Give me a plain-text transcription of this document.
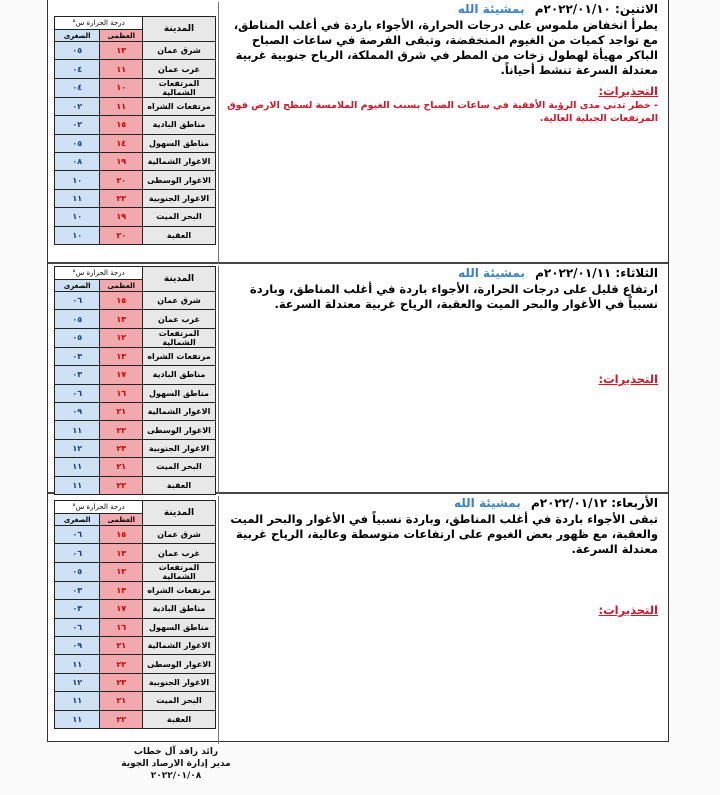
المدينة	درجة الحرارة س°	
	العظمى	الصغرى
شرق عمان	١٣	٠٥
غرب عمان	١١	٠٤
المرتفعات الشمالية	١٠	٠٤
مرتفعات الشراه	١١	٠٢
مناطق البادية	١٥	٠٢
مناطق السهول	١٤	٠٥
الاغوار الشمالية	١٩	٠٨
الاغوار الوسطى	٢٠	١٠
الاغوار الجنوبية	٢٢	١١
البحر الميت	١٩	١٠
العقبة	٢٠	١٠
الاثنين: ٢٠٢٢/٠١/١٠م بمشيئة الله
يطرأ انخفاض ملموس على درجات الحرارة، الأجواء باردة في أغلب المناطق، مع تواجد كميات من الغيوم المنخفضة، وتبقى الفرصة في ساعات الصباح الباكر مهيأة لهطول زخات من المطر في شرق المملكة، الرياح جنوبية غربية معتدلة السرعة تنشط أحياناً.
التحذيرات:
- خطر تدني مدى الرؤية الأفقية في ساعات الصباح بسبب الغيوم الملامسة لسطح الارض فوق المرتفعات الجبلية العالية.
المدينة	درجة الحرارة س°	
	العظمى	الصغرى
شرق عمان	١٥	٠٦
غرب عمان	١٣	٠٥
المرتفعات الشمالية	١٢	٠٥
مرتفعات الشراه	١٣	٠٣
مناطق البادية	١٧	٠٣
مناطق السهول	١٦	٠٦
الاغوار الشمالية	٢١	٠٩
الاغوار الوسطى	٢٢	١١
الاغوار الجنوبية	٢٣	١٢
البحر الميت	٢١	١١
العقبة	٢٢	١١
الثلاثاء: ٢٠٢٢/٠١/١١م بمشيئة الله
ارتفاع قليل على درجات الحرارة، الأجواء باردة في أغلب المناطق، وباردة نسبياً في الأغوار والبحر الميت والعقبة، الرياح غربية معتدلة السرعة.
التحذيرات:
المدينة	درجة الحرارة س°	
	العظمى	الصغرى
شرق عمان	١٥	٠٦
غرب عمان	١٣	٠٦
المرتفعات الشمالية	١٢	٠٥
مرتفعات الشراه	١٣	٠٣
مناطق البادية	١٧	٠٣
مناطق السهول	١٦	٠٦
الاغوار الشمالية	٢١	٠٩
الاغوار الوسطى	٢٢	١١
الاغوار الجنوبية	٢٣	١٢
البحر الميت	٢١	١١
العقبة	٢٢	١١
الأربعاء: ٢٠٢٢/٠١/١٢م بمشيئة الله
تبقى الأجواء باردة في أغلب المناطق، وباردة نسبياً في الأغوار والبحر الميت والعقبة، مع ظهور بعض الغيوم على ارتفاعات متوسطة وعالية، الرياح غربية معتدلة السرعة.
التحذيرات:
رائد رافد آل خطاب
مدير إدارة الارصاد الجوية
٢٠٢٢/٠١/٠٨
